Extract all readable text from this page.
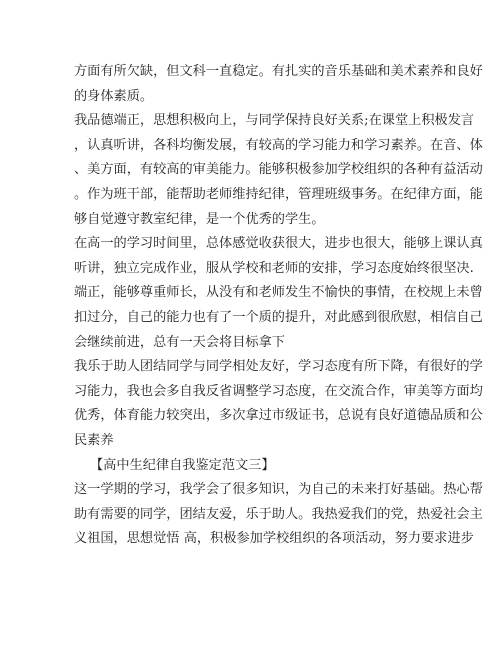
方面有所欠缺，但文科一直稳定。有扎实的音乐基础和美术素养和良好
的身体素质。
我品德端正，思想积极向上，与同学保持良好关系;在课堂上积极发言
，认真听讲，各科均衡发展，有较高的学习能力和学习素养。在音、体
、美方面，有较高的审美能力。能够积极参加学校组织的各种有益活动
。作为班干部，能帮助老师维持纪律，管理班级事务。在纪律方面，能
够自觉遵守教室纪律，是一个优秀的学生。
在高一的学习时间里，总体感觉收获很大，进步也很大，能够上课认真
听讲，独立完成作业，服从学校和老师的安排，学习态度始终很坚决.
端正，能够尊重师长，从没有和老师发生不愉快的事情，在校规上未曾
扣过分，自己的能力也有了一个质的提升，对此感到很欣慰，相信自己
会继续前进，总有一天会将目标拿下
我乐于助人团结同学与同学相处友好，学习态度有所下降，有很好的学
习能力，我也会多自我反省调整学习态度，在交流合作，审美等方面均
优秀，体育能力较突出，多次拿过市级证书，总说有良好道德品质和公
民素养
【高中生纪律自我鉴定范文三】
这一学期的学习，我学会了很多知识，为自己的未来打好基础。热心帮
助有需要的同学，团结友爱，乐于助人。我热爱我们的党，热爱社会主
义祖国，思想觉悟 高，积极参加学校组织的各项活动，努力要求进步
